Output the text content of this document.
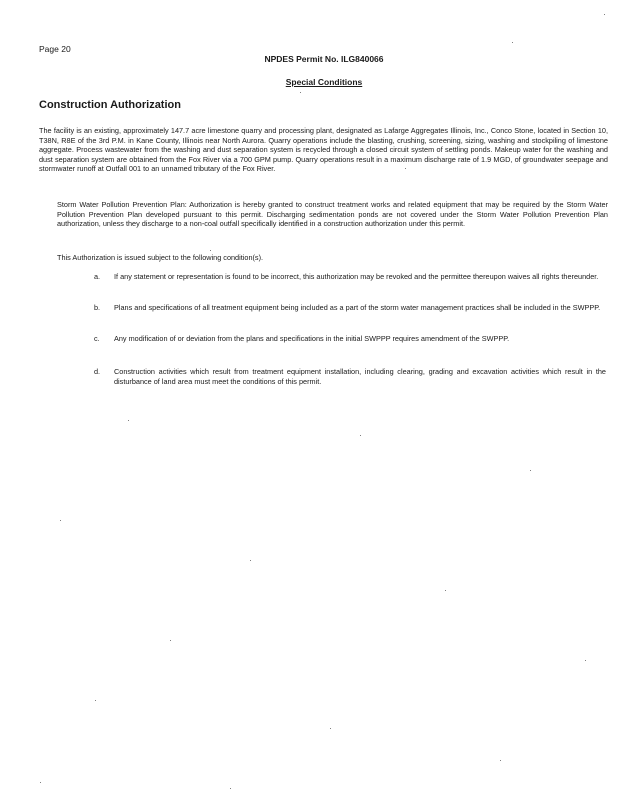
Page 20
NPDES Permit No. ILG840066
Special Conditions
Construction Authorization
The facility is an existing, approximately 147.7 acre limestone quarry and processing plant, designated as Lafarge Aggregates Illinois, Inc., Conco Stone, located in Section 10, T38N, R8E of the 3rd P.M. in Kane County, Illinois near North Aurora. Quarry operations include the blasting, crushing, screening, sizing, washing and stockpiling of limestone aggregate. Process wastewater from the washing and dust separation system is recycled through a closed circuit system of settling ponds. Makeup water for the washing and dust separation system are obtained from the Fox River via a 700 GPM pump. Quarry operations result in a maximum discharge rate of 1.9 MGD, of groundwater seepage and stormwater runoff at Outfall 001 to an unnamed tributary of the Fox River.
Storm Water Pollution Prevention Plan: Authorization is hereby granted to construct treatment works and related equipment that may be required by the Storm Water Pollution Prevention Plan developed pursuant to this permit. Discharging sedimentation ponds are not covered under the Storm Water Pollution Prevention Plan authorization, unless they discharge to a non-coal outfall specifically identified in a construction authorization under this permit.
This Authorization is issued subject to the following condition(s).
a. If any statement or representation is found to be incorrect, this authorization may be revoked and the permittee thereupon waives all rights thereunder.
b. Plans and specifications of all treatment equipment being included as a part of the storm water management practices shall be included in the SWPPP.
c. Any modification of or deviation from the plans and specifications in the initial SWPPP requires amendment of the SWPPP.
d. Construction activities which result from treatment equipment installation, including clearing, grading and excavation activities which result in the disturbance of land area must meet the conditions of this permit.
